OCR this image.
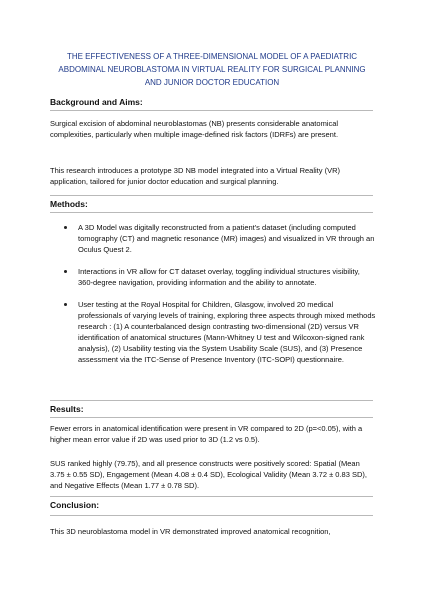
THE EFFECTIVENESS OF A THREE-DIMENSIONAL MODEL OF A PAEDIATRIC ABDOMINAL NEUROBLASTOMA IN VIRTUAL REALITY FOR SURGICAL PLANNING AND JUNIOR DOCTOR EDUCATION
Background and Aims:
Surgical excision of abdominal neuroblastomas (NB) presents considerable anatomical complexities, particularly when multiple image-defined risk factors (IDRFs) are present.
This research introduces a prototype 3D NB model integrated into a Virtual Reality (VR) application, tailored for junior doctor education and surgical planning.
Methods:
A 3D Model was digitally reconstructed from a patient's dataset (including computed tomography (CT) and magnetic resonance (MR) images) and visualized in VR through an Oculus Quest 2.
Interactions in VR allow for CT dataset overlay, toggling individual structures visibility, 360-degree navigation, providing information and the ability to annotate.
User testing at the Royal Hospital for Children, Glasgow, involved 20 medical professionals of varying levels of training, exploring three aspects through mixed methods research : (1) A counterbalanced design contrasting two-dimensional (2D) versus VR identification of anatomical structures (Mann-Whitney U test and Wilcoxon-signed rank analysis), (2) Usability testing via the System Usability Scale (SUS), and (3) Presence assessment via the ITC-Sense of Presence Inventory (ITC-SOPI) questionnaire.
Results:
Fewer errors in anatomical identification were present in VR compared to 2D (p=<0.05), with a higher mean error value if 2D was used prior to 3D (1.2 vs 0.5).
SUS ranked highly (79.75), and all presence constructs were positively scored: Spatial (Mean 3.75 ± 0.55 SD), Engagement (Mean 4.08 ± 0.4 SD), Ecological Validity (Mean 3.72 ± 0.83 SD), and Negative Effects (Mean 1.77 ± 0.78 SD).
Conclusion:
This 3D neuroblastoma model in VR demonstrated improved anatomical recognition,
